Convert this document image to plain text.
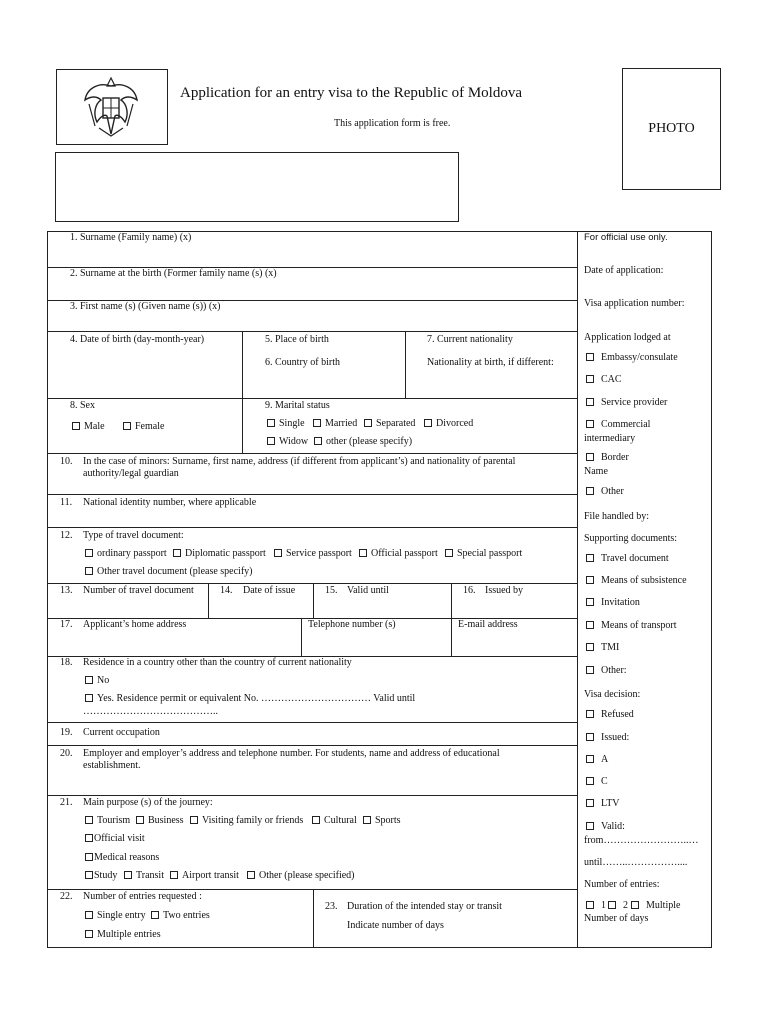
Application for an entry visa to the Republic of Moldova
This application form is free.	PHOTO
1. Surname (Family name) (x)
2. Surname at the birth (Former family name (s) (x)
3. First name (s) (Given name (s)) (x)
4. Date of birth (day-month-year)	5. Place of birth
6. Country of birth
7. Current nationality
Nationality at birth, if different:
8. Sex
Male	Female
9. Marital status
Single	Married	Separated	Divorced
Widow	other (please specify)
10. In the case of minors: Surname, first name, address (if different from applicant’s) and nationality of parental authority/legal guardian
11. National identity number, where applicable
12. Type of travel document:
ordinary passport	Diplomatic passport	Service passport	Official passport	Special passport
Other travel document (please specify)
13. Number of travel document	14. Date of issue	15. Valid until	16. Issued by
17. Applicant’s home address	Telephone number (s)	E-mail address
18. Residence in a country other than the country of current nationality
No
Yes. Residence permit or equivalent No. …………………………… Valid until
…………………………………..
19. Current occupation
20. Employer and employer’s address and telephone number. For students, name and address of educational establishment.
21. Main purpose (s) of the journey:
Tourism	Business	Visiting family or friends	Cultural	Sports
Official visit
Medical reasons
Study	Transit	Airport transit	Other (please specified)
22. Number of entries requested :
Single entry	Two entries
Multiple entries
23. Duration of the intended stay or transit
Indicate number of days
For official use only.
Date of application:
Visa application number:
Application lodged at
Embassy/consulate
CAC
Service provider
Commercial
intermediary
Border
Name
Other
File handled by:
Supporting documents:
Travel document
Means of subsistence
Invitation
Means of transport
TMI
Other:
Visa decision:
Refused
Issued:
A
C
LTV
Valid:
from……………………..…
until……..……………....
Number of entries:
1 2 Multiple
Number of days
